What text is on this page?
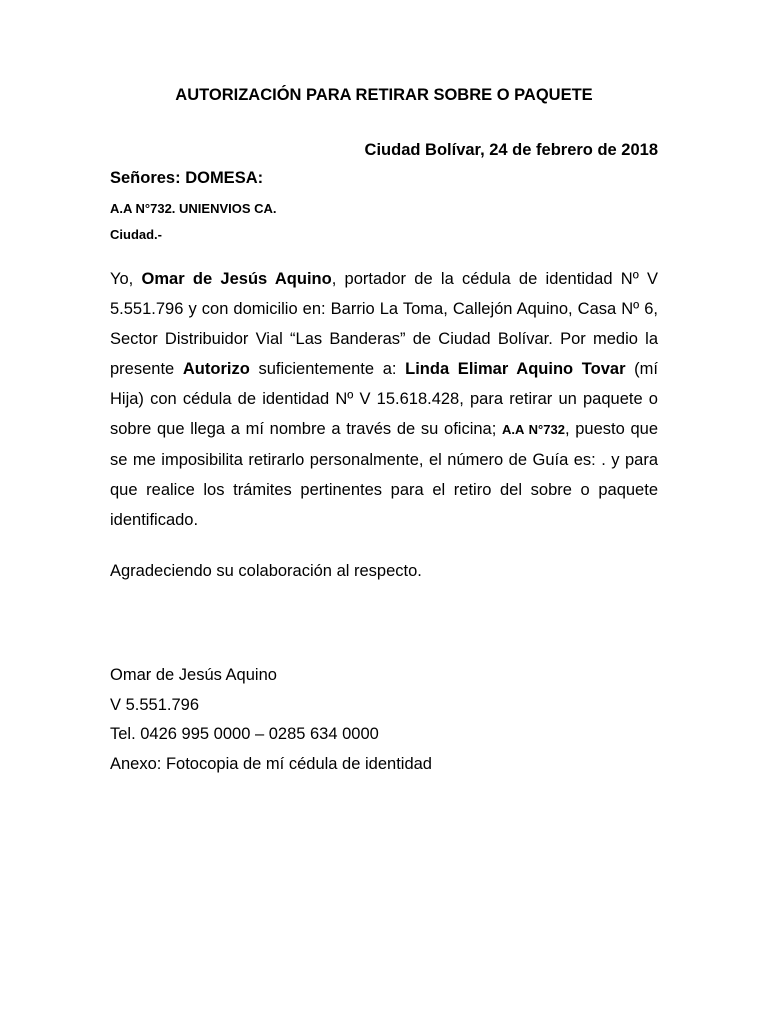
AUTORIZACIÓN PARA RETIRAR SOBRE O PAQUETE
Ciudad Bolívar, 24 de febrero de 2018
Señores: DOMESA:
A.A N°732. UNIENVIOS CA.
Ciudad.-
Yo, Omar de Jesús Aquino, portador de la cédula de identidad Nº V 5.551.796 y con domicilio en: Barrio La Toma, Callejón Aquino, Casa Nº 6, Sector Distribuidor Vial “Las Banderas” de Ciudad Bolívar. Por medio la presente Autorizo suficientemente a: Linda Elimar Aquino Tovar (mí Hija) con cédula de identidad Nº V 15.618.428, para retirar un paquete o sobre que llega a mí nombre a través de su oficina; A.A N°732, puesto que se me imposibilita retirarlo personalmente, el número de Guía es: . y para que realice los trámites pertinentes para el retiro del sobre o paquete identificado.
Agradeciendo su colaboración al respecto.
Omar de Jesús Aquino
V 5.551.796
Tel. 0426 995 0000 – 0285 634 0000
Anexo: Fotocopia de mí cédula de identidad
